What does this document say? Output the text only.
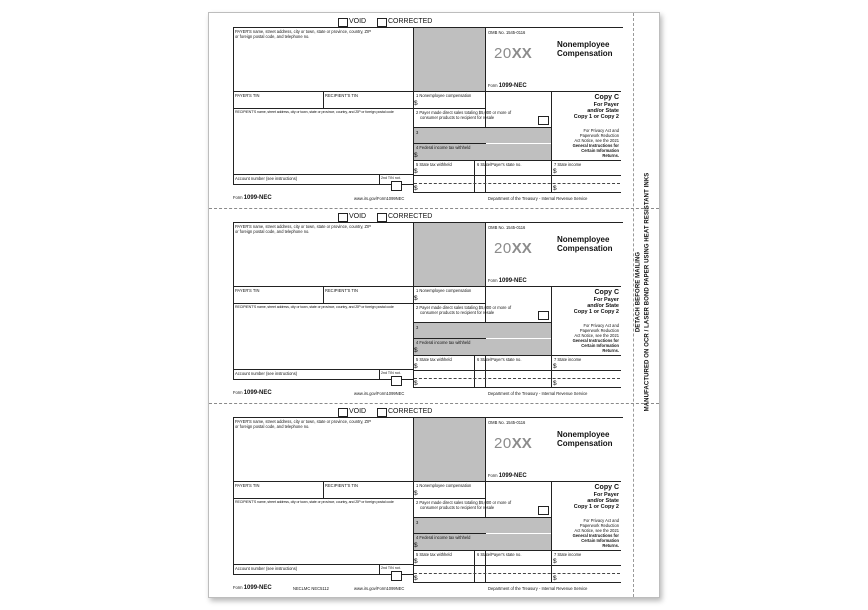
VOID	CORRECTED
PAYER'S name, street address, city or town, state or province, country, ZIP
or foreign postal code, and telephone no.
OMB No. 1545-0116
20XX
Form 1099-NEC
Nonemployee
Compensation
PAYER'S TIN	RECIPIENT'S TIN	1 Nonemployee compensation
$
Copy C
For Payer
and/or State
Copy 1 or Copy 2
For Privacy Act and
Paperwork Reduction
Act Notice, see the 2021
General Instructions for
Certain Information
Returns.
RECIPIENT'S name, street address, city or town, state or province, country, and ZIP or foreign postal code	2 Payer made direct sales totaling $5,000 or more of
consumer products to recipient for resale
3
4 Federal income tax withheld
$
5 State tax withheld	6 State/Payer's state no.	7 State income
$
$
$
$
Account number (see instructions)	2nd TIN not.
Form 1099-NEC	www.irs.gov/Form1099NEC	Department of the Treasury - Internal Revenue Service
VOID	CORRECTED
PAYER'S name, street address, city or town, state or province, country, ZIP
or foreign postal code, and telephone no.
OMB No. 1545-0116
20XX
Form 1099-NEC
Nonemployee
Compensation
PAYER'S TIN	RECIPIENT'S TIN	1 Nonemployee compensation
$
Copy C
For Payer
and/or State
Copy 1 or Copy 2
For Privacy Act and
Paperwork Reduction
Act Notice, see the 2021
General Instructions for
Certain Information
Returns.
RECIPIENT'S name, street address, city or town, state or province, country, and ZIP or foreign postal code	2 Payer made direct sales totaling $5,000 or more of
consumer products to recipient for resale
3
4 Federal income tax withheld
$
5 State tax withheld	6 State/Payer's state no.	7 State income
$
$
$
$
Account number (see instructions)	2nd TIN not.
Form 1099-NEC	www.irs.gov/Form1099NEC	Department of the Treasury - Internal Revenue Service
VOID	CORRECTED
PAYER'S name, street address, city or town, state or province, country, ZIP
or foreign postal code, and telephone no.
OMB No. 1545-0116
20XX
Form 1099-NEC
Nonemployee
Compensation
PAYER'S TIN	RECIPIENT'S TIN	1 Nonemployee compensation
$
Copy C
For Payer
and/or State
Copy 1 or Copy 2
For Privacy Act and
Paperwork Reduction
Act Notice, see the 2021
General Instructions for
Certain Information
Returns.
RECIPIENT'S name, street address, city or town, state or province, country, and ZIP or foreign postal code	2 Payer made direct sales totaling $5,000 or more of
consumer products to recipient for resale
3
4 Federal income tax withheld
$
5 State tax withheld	6 State/Payer's state no.	7 State income
$
$
$
$
Account number (see instructions)	2nd TIN not.
Form 1099-NEC	NECLMC NEC5112	www.irs.gov/Form1099NEC	Department of the Treasury - Internal Revenue Service
DETACH BEFORE MAILING MANUFACTURED ON OCR / LASER BOND PAPER USING HEAT RESISTANT INKS
